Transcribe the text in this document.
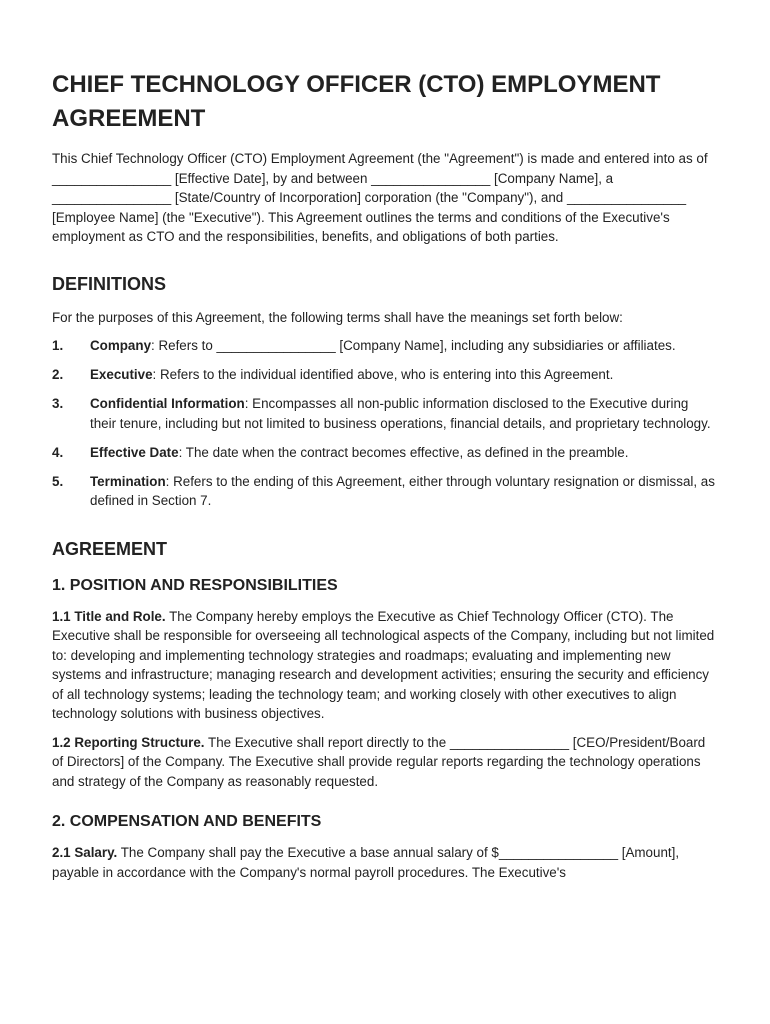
CHIEF TECHNOLOGY OFFICER (CTO) EMPLOYMENT AGREEMENT

This Chief Technology Officer (CTO) Employment Agreement (the "Agreement") is made and entered into as of ________________ [Effective Date], by and between ________________ [Company Name], a ________________ [State/Country of Incorporation] corporation (the "Company"), and ________________ [Employee Name] (the "Executive"). This Agreement outlines the terms and conditions of the Executive's employment as CTO and the responsibilities, benefits, and obligations of both parties.

DEFINITIONS

For the purposes of this Agreement, the following terms shall have the meanings set forth below:

1.	Company: Refers to ________________ [Company Name], including any subsidiaries or affiliates.
2.	Executive: Refers to the individual identified above, who is entering into this Agreement.
3.	Confidential Information: Encompasses all non-public information disclosed to the Executive during their tenure, including but not limited to business operations, financial details, and proprietary technology.
4.	Effective Date: The date when the contract becomes effective, as defined in the preamble.
5.	Termination: Refers to the ending of this Agreement, either through voluntary resignation or dismissal, as defined in Section 7.
AGREEMENT
1. POSITION AND RESPONSIBILITIES

1.1 Title and Role. The Company hereby employs the Executive as Chief Technology Officer (CTO). The Executive shall be responsible for overseeing all technological aspects of the Company, including but not limited to: developing and implementing technology strategies and roadmaps; evaluating and implementing new systems and infrastructure; managing research and development activities; ensuring the security and efficiency of all technology systems; leading the technology team; and working closely with other executives to align technology solutions with business objectives.

1.2 Reporting Structure. The Executive shall report directly to the ________________ [CEO/President/Board of Directors] of the Company. The Executive shall provide regular reports regarding the technology operations and strategy of the Company as reasonably requested.

2. COMPENSATION AND BENEFITS

2.1 Salary. The Company shall pay the Executive a base annual salary of $________________ [Amount], payable in accordance with the Company's normal payroll procedures. The Executive's
